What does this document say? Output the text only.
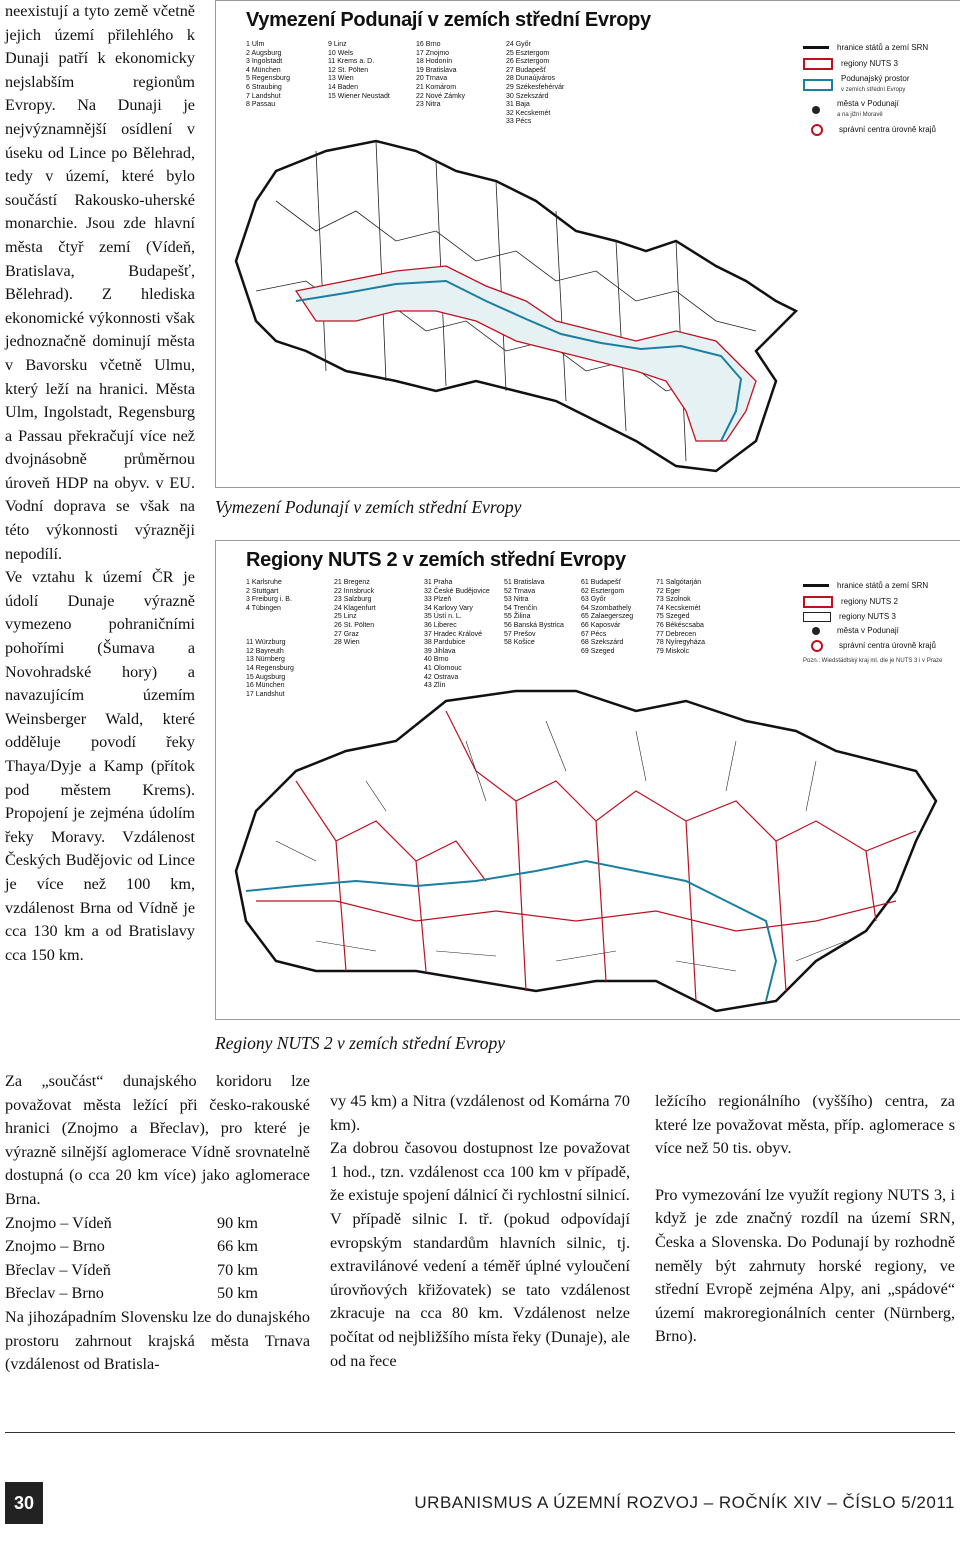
neexistují a tyto země včetně jejich území přilehlého k Dunaji patří k ekonomicky nejslabším regionům Evropy. Na Dunaji je nejvýznamnější osídlení v úseku od Lince po Bělehrad, tedy v území, které bylo součástí Rakousko-uherské monarchie. Jsou zde hlavní města čtyř zemí (Vídeň, Bratislava, Budapešť, Bělehrad). Z hlediska ekonomické výkonnosti však jednoznačně dominují města v Bavorsku včetně Ulmu, který leží na hranici. Města Ulm, Ingolstadt, Regensburg a Passau překračují více než dvojnásobně průměrnou úroveň HDP na obyv. v EU. Vodní doprava se však na této výkonnosti výrazněji nepodílí.

Ve vztahu k území ČR je údolí Dunaje výrazně vymezeno pohraničními pohořími (Šumava a Novohradské hory) a navazujícím územím Weinsberger Wald, které odděluje povodí řeky Thaya/Dyje a Kamp (přítok pod městem Krems). Propojení je zejména údolím řeky Moravy. Vzdálenost Českých Budějovic od Lince je více než 100 km, vzdálenost Brna od Vídně je cca 130 km a od Bratislavy cca 150 km.

Vymezení Podunají v zemích střední Evropy
1 Ulm
2 Augsburg
3 Ingolstadt
4 München
5 Regensburg
6 Straubing
7 Landshut
8 Passau
9 Linz
10 Wels
11 Krems a. D.
12 St. Pölten
13 Wien
14 Baden
15 Wiener Neustadt
16 Brno
17 Znojmo
18 Hodonín
19 Bratislava
20 Trnava
21 Komárom
22 Nové Zámky
23 Nitra
24 Győr
25 Esztergom
26 Esztergom
27 Budapešť
28 Dunaújváros
29 Székesfehérvár
30 Szekszárd
31 Baja
32 Kecskemét
33 Pécs
hranice států a zemí SRN
regiony NUTS 3
Podunajský prostor
v zemích střední Evropy
města v Podunají
a na jižní Moravě
správní centra úrovně krajů
Vymezení Podunají v zemích střední Evropy
Regiony NUTS 2 v zemích střední Evropy
1 Karlsruhe
2 Stuttgart
3 Freiburg i. B.
4 Tübingen

11 Würzburg
12 Bayreuth
13 Nürnberg
14 Regensburg
15 Augsburg
16 München
17 Landshut
21 Bregenz
22 Innsbruck
23 Salzburg
24 Klagenfurt
25 Linz
26 St. Pölten
27 Graz
28 Wien
31 Praha
32 České Budějovice
33 Plzeň
34 Karlovy Vary
35 Ústí n. L.
36 Liberec
37 Hradec Králové
38 Pardubice
39 Jihlava
40 Brno
41 Olomouc
42 Ostrava
43 Zlín
51 Bratislava
52 Trnava
53 Nitra
54 Trenčín
55 Žilina
56 Banská Bystrica
57 Prešov
58 Košice
61 Budapešť
62 Esztergom
63 Győr
64 Szombathely
65 Zalaegerszeg
66 Kaposvár
67 Pécs
68 Szekszárd
69 Szeged
71 Salgótarján
72 Eger
73 Szolnok
74 Kecskemét
75 Szeged
76 Békéscsaba
77 Debrecen
78 Nyíregyháza
79 Miskolc
hranice států a zemí SRN
regiony NUTS 2
regiony NUTS 3
města v Podunají
správní centra úrovně krajů
Pozn.: Wiedstädtský kraj ml. dle je NUTS 3 i v Praze
Regiony NUTS 2 v zemích střední Evropy

Za „součást“ dunajského koridoru lze považovat města ležící při česko-rakouské hranici (Znojmo a Břeclav), pro které je výrazně silnější aglomerace Vídně srovnatelně dostupná (o cca 20 km více) jako aglomerace Brna.

Znojmo – Vídeň	90 km
Znojmo – Brno	66 km
Břeclav – Vídeň	70 km
Břeclav – Brno	50 km

Na jihozápadním Slovensku lze do dunajského prostoru zahrnout krajská města Trnava (vzdálenost od Bratisla-

vy 45 km) a Nitra (vzdálenost od Komárna 70 km).

Za dobrou časovou dostupnost lze považovat 1 hod., tzn. vzdálenost cca 100 km v případě, že existuje spojení dálnicí či rychlostní silnicí.

V případě silnic I. tř. (pokud odpovídají evropským standardům hlavních silnic, tj. extravilánové vedení a téměř úplné vyloučení úrovňových křižovatek) se tato vzdálenost zkracuje na cca 80 km. Vzdálenost nelze počítat od nejbližšího místa řeky (Dunaje), ale od na řece

ležícího regionálního (vyššího) centra, za které lze považovat města, příp. aglomerace s více než 50 tis. obyv.

Pro vymezování lze využít regiony NUTS 3, i když je zde značný rozdíl na území SRN, Česka a Slovenska. Do Podunají by rozhodně neměly být zahrnuty horské regiony, ve střední Evropě zejména Alpy, ani „spádové“ území makroregionálních center (Nürnberg, Brno).

30	URBANISMUS A ÚZEMNÍ ROZVOJ – ROČNÍK XIV – ČÍSLO 5/2011
